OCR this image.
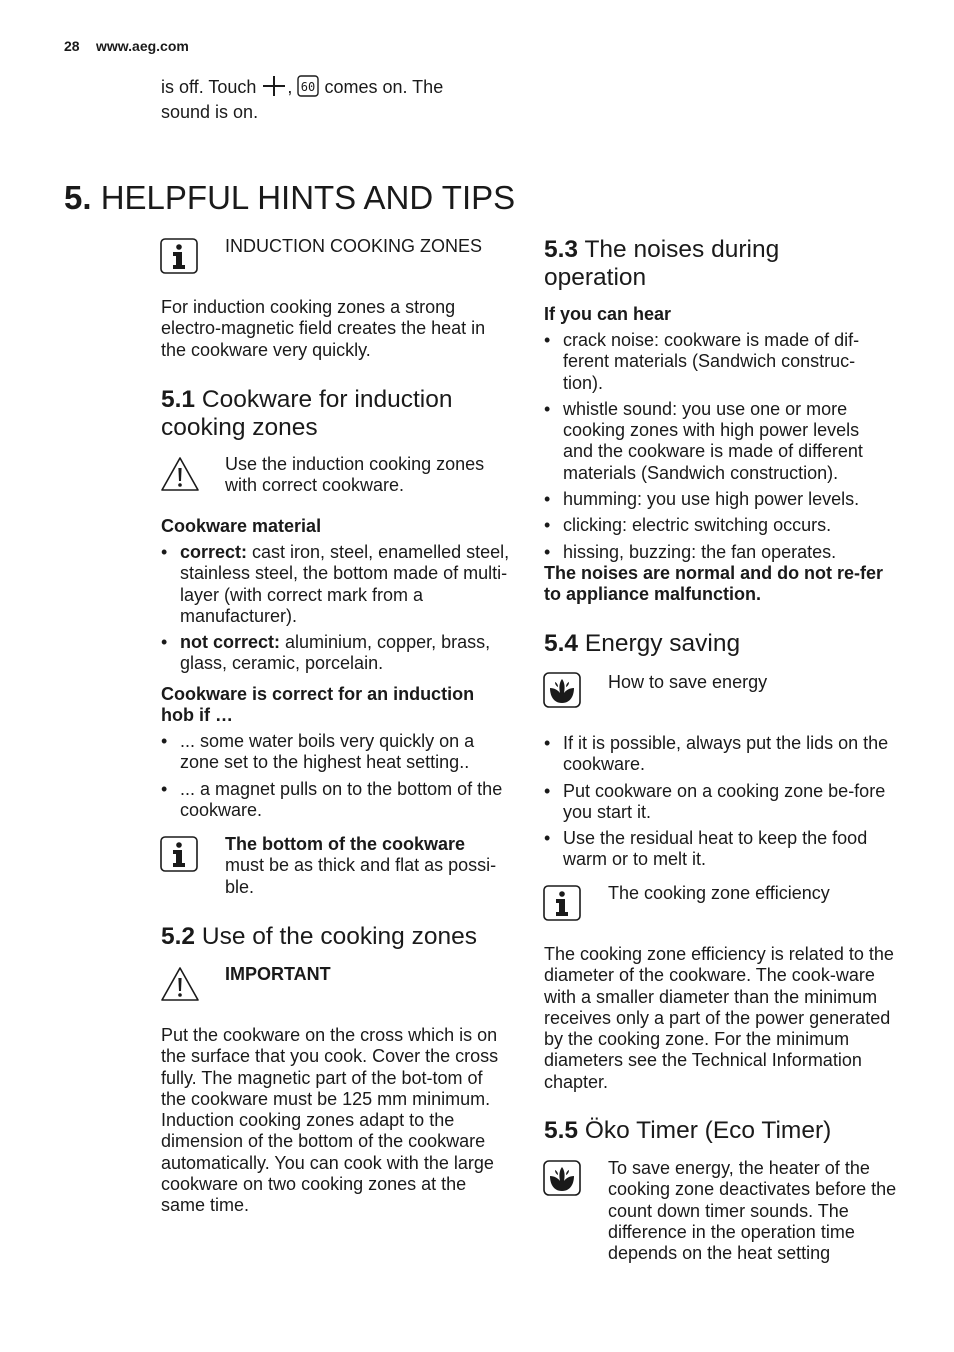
28 www.aeg.com
is off. Touch , 60 comes on. The
sound is on.
5. HELPFUL HINTS AND TIPS
INDUCTION COOKING ZONES

For induction cooking zones a strong electro-magnetic field creates the heat in the cookware very quickly.

5.1 Cookware for induction cooking zones
Use the induction cooking zones with correct cookware.
Cookware material
• correct: cast iron, steel, enamelled steel, stainless steel, the bottom made of multi-layer (with correct mark from a manufacturer).
• not correct: aluminium, copper, brass, glass, ceramic, porcelain.
Cookware is correct for an induction hob if …
• ... some water boils very quickly on a zone set to the highest heat setting..
• ... a magnet pulls on to the bottom of the cookware.
The bottom of the cookware
must be as thick and flat as possi-ble.
5.2 Use of the cooking zones
IMPORTANT

Put the cookware on the cross which is on the surface that you cook. Cover the cross fully. The magnetic part of the bot-tom of the cookware must be 125 mm minimum. Induction cooking zones adapt to the dimension of the bottom of the cookware automatically. You can cook with the large cookware on two cooking zones at the same time.

5.3 The noises during operation
If you can hear
• crack noise: cookware is made of dif-ferent materials (Sandwich construc-tion).
• whistle sound: you use one or more cooking zones with high power levels and the cookware is made of different materials (Sandwich construction).
• humming: you use high power levels.
• clicking: electric switching occurs.
• hissing, buzzing: the fan operates.
The noises are normal and do not re-fer to appliance malfunction.
5.4 Energy saving
How to save energy
• If it is possible, always put the lids on the cookware.
• Put cookware on a cooking zone be-fore you start it.
• Use the residual heat to keep the food warm or to melt it.
The cooking zone efficiency

The cooking zone efficiency is related to the diameter of the cookware. The cook-ware with a smaller diameter than the minimum receives only a part of the power generated by the cooking zone. For the minimum diameters see the Technical Information chapter.

5.5 Öko Timer (Eco Timer)
To save energy, the heater of the cooking zone deactivates before the count down timer sounds. The difference in the operation time depends on the heat setting
